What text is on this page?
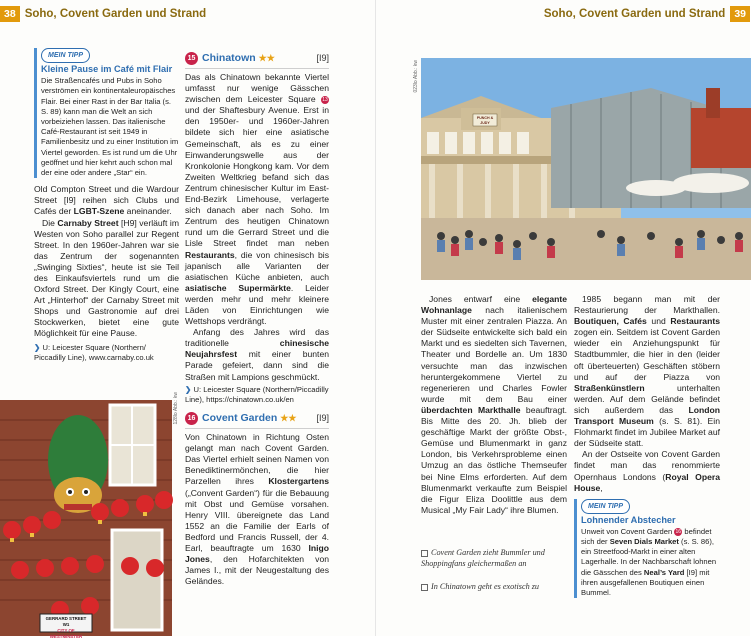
38 Soho, Covent Garden und Strand
MEIN TIPP
Kleine Pause im Café mit Flair
Die Straßencafés und Pubs in Soho verströmen ein kontinentaleuropäisches Flair. Bei einer Rast in der Bar Italia (s. S. 89) kann man die Welt an sich vorbeiziehen lassen. Das italienische Café-Restaurant ist seit 1949 in Familienbesitz und zu einer Institution im Viertel geworden. Es ist rund um die Uhr geöffnet und hier kehrt auch schon mal der eine oder andere „Star“ ein.

Old Compton Street und die Wardour Street [I9] reihen sich Clubs und Cafés der LGBT-Szene aneinander.

Die Carnaby Street [H9] verläuft im Westen von Soho parallel zur Regent Street. In den 1960er-Jahren war sie das Zentrum der sogenannten „Swinging Sixties“, heute ist sie Teil des Einkaufsviertels rund um die Oxford Street. Der Kingly Court, eine Art „Hinterhof“ der Carnaby Street mit Shops und Gastronomie auf drei Stockwerken, bietet eine gute Möglichkeit für eine Pause.

❯ U: Leicester Square (Northern/ Piccadilly Line), www.carnaby.co.uk

GERRARD STREET W1
CITY OF WESTMINSTER
128lo Abb.: kw
15 Chinatown ★★	[I9]

Das als Chinatown bekannte Viertel umfasst nur wenige Gässchen zwischen dem Leicester Square 13 und der Shaftesbury Avenue. Erst in den 1950er- und 1960er-Jahren bildete sich hier eine asiatische Gemeinschaft, als es zu einer Einwanderungswelle aus der Kronkolonie Hongkong kam. Vor dem Zweiten Weltkrieg befand sich das Zentrum chinesischer Kultur im East-End-Bezirk Limehouse, verlagerte sich danach aber nach Soho. Im Zentrum des heutigen Chinatown rund um die Gerrard Street und die Lisle Street findet man neben Restaurants, die von chinesisch bis japanisch alle Varianten der asiatischen Küche anbieten, auch asiatische Supermärkte. Leider werden mehr und mehr kleinere Läden von Einrichtungen wie Wettshops verdrängt.

Anfang des Jahres wird das traditionelle chinesische Neujahrsfest mit einer bunten Parade gefeiert, dann sind die Straßen mit Lampions geschmückt.

❯ U: Leicester Square (Northern/Piccadilly Line), https://chinatown.co.uk/en

16 Covent Garden ★★ [I9]

Von Chinatown in Richtung Osten gelangt man nach Covent Garden. Das Viertel erhielt seinen Namen von Benediktinermönchen, die hier Parzellen ihres Klostergartens („Convent Garden“) für die Bebauung mit Obst und Gemüse vorsahen. Henry VIII. übereignete das Land 1552 an die Familie der Earls of Bedford und Francis Russell, der 4. Earl, beauftragte um 1630 Inigo Jones, den Hofarchitekten von James I., mit der Neugestaltung des Geländes.

Soho, Covent Garden und Strand 39
PUNCH & JUDY
023lo Abb.: kw

Jones entwarf eine elegante Wohnanlage nach italienischem Muster mit einer zentralen Piazza. An der Südseite entwickelte sich bald ein Markt und es siedelten sich Tavernen, Theater und Bordelle an. Um 1830 versuchte man das inzwischen heruntergekommene Viertel zu regenerieren und Charles Fowler wurde mit dem Bau einer überdachten Markthalle beauftragt. Bis Mitte des 20. Jh. blieb der geschäftige Markt der größte Obst-, Gemüse und Blumenmarkt in ganz London, bis Verkehrsprobleme einen Umzug an das östliche Themseufer bei Nine Elms erforderten. Auf dem Blumenmarkt verkaufte zum Beispiel die Figur Eliza Doolittle aus dem Musical „My Fair Lady“ ihre Blumen.

Covent Garden zieht Bummler und Shoppingfans gleichermaßen an
In Chinatown geht es exotisch zu

1985 begann man mit der Restaurierung der Markthallen. Boutiquen, Cafés und Restaurants zogen ein. Seitdem ist Covent Garden wieder ein Anziehungspunkt für Stadtbummler, die hier in den (leider oft überteuerten) Geschäften stöbern und auf der Piazza von Straßenkünstlern unterhalten werden. Auf dem Gelände befindet sich außerdem das London Transport Museum (s. S. 81). Ein Flohmarkt findet im Jubilee Market auf der Südseite statt.

An der Ostseite von Covent Garden findet man das renommierte Opernhaus Londons (Royal Opera House,

MEIN TIPP
Lohnender Abstecher
Unweit von Covent Garden 16 befindet sich der Seven Dials Market (s. S. 86), ein Streetfood-Markt in einer alten Lagerhalle. In der Nachbarschaft lohnen die Gässchen des Neal’s Yard [I9] mit ihren ausgefallenen Boutiquen einen Bummel.
